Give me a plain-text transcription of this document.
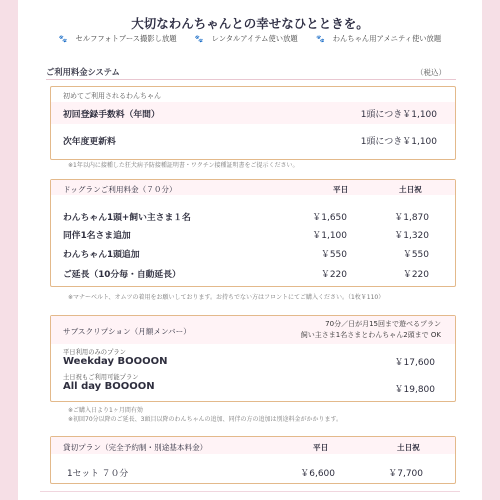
大切なわんちゃんとの幸せなひとときを。
🐾 セルフフォトブース撮影し放題	🐾 レンタルアイテム使い放題	🐾 わんちゃん用アメニティ使い放題
ご利用料金システム	（税込）
初めてご利用されるわんちゃん
初回登録手数料（年間）	1頭につき￥1,100
次年度更新料	1頭につき￥1,100
※1年以内に接種した狂犬病予防接種証明書・ワクチン接種証明書をご提示ください。
ドッグランご利用料金（７０分）	平日	土日祝
わんちゃん1頭+飼い主さま１名	￥1,650	￥1,870
同伴1名さま追加	￥1,100	￥1,320
わんちゃん1頭追加	￥550	￥550
ご延長（10分毎・自動延長）	￥220	￥220
※マナーベルト、オムツの着用をお願いしております。お持ちでない方はフロントにてご購入ください。（1枚￥110）
サブスクリプション（月額メンバー）
70分／日が月15回まで遊べるプラン
飼い主さま1名さまとわんちゃん2頭まで OK
平日利用のみのプラン
Weekday BOOOON	￥17,600
土日祝もご利用可能プラン
All day BOOOON	￥19,800
※ご購入日より1ヶ月間有効
※初回70分以降のご延長、3頭目以降のわんちゃんの追加、同伴の方の追加は別途料金がかかります。
貸切プラン（完全予約制・別途基本料金）	平日	土日祝
1セット ７０分	￥6,600	￥7,700
